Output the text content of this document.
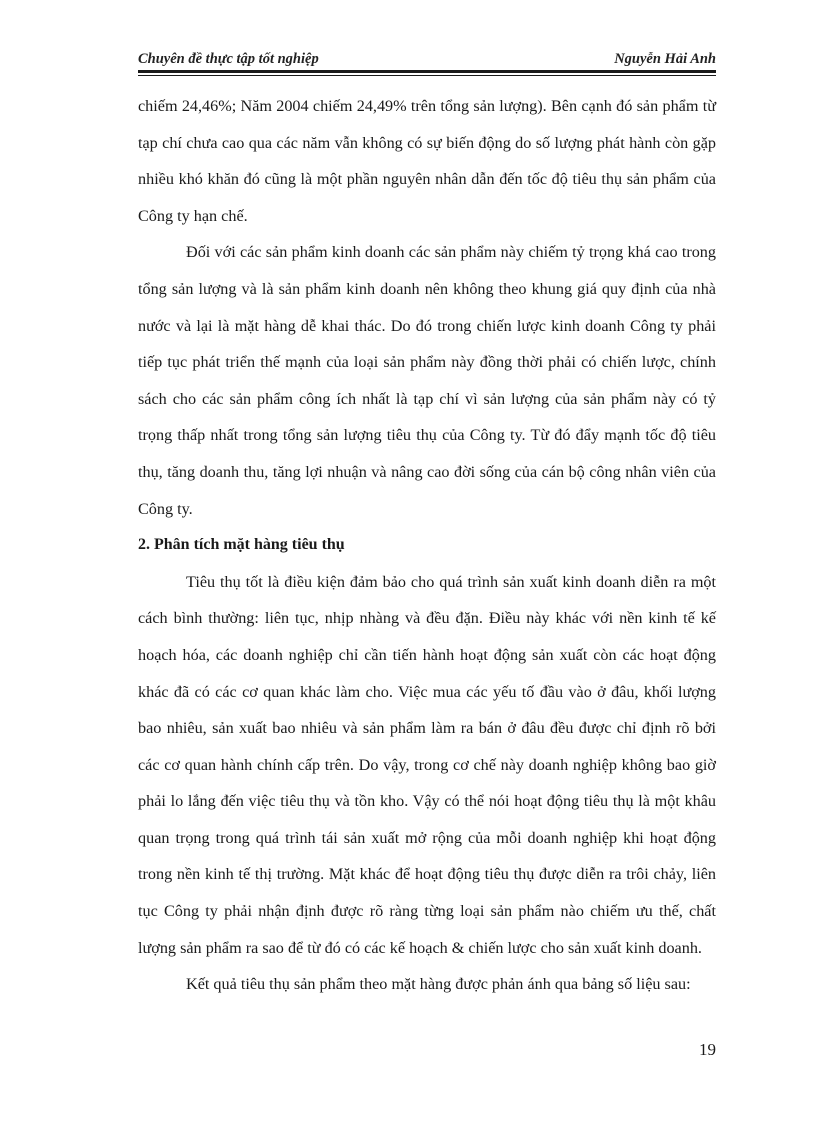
Chuyên đề thực tập tốt nghiệp	Nguyễn Hải Anh

chiếm 24,46%; Năm 2004 chiếm 24,49% trên tổng sản lượng). Bên cạnh đó sản phẩm từ tạp chí chưa cao qua các năm vẫn không có sự biến động do số lượng phát hành còn gặp nhiều khó khăn đó cũng là một phần nguyên nhân dẫn đến tốc độ tiêu thụ sản phẩm của Công ty hạn chế.

Đối với các sản phẩm kinh doanh các sản phẩm này chiếm tỷ trọng khá cao trong tổng sản lượng và là sản phẩm kinh doanh nên không theo khung giá quy định của nhà nước và lại là mặt hàng dễ khai thác. Do đó trong chiến lược kinh doanh Công ty phải tiếp tục phát triển thế mạnh của loại sản phẩm này đồng thời phải có chiến lược, chính sách cho các sản phẩm công ích nhất là tạp chí vì sản lượng của sản phẩm này có tỷ trọng thấp nhất trong tổng sản lượng tiêu thụ của Công ty. Từ đó đẩy mạnh tốc độ tiêu thụ, tăng doanh thu, tăng lợi nhuận và nâng cao đời sống của cán bộ công nhân viên của Công ty.

2. Phân tích mặt hàng tiêu thụ

Tiêu thụ tốt là điều kiện đảm bảo cho quá trình sản xuất kinh doanh diễn ra một cách bình thường: liên tục, nhịp nhàng và đều đặn. Điều này khác với nền kinh tế kế hoạch hóa, các doanh nghiệp chỉ cần tiến hành hoạt động sản xuất còn các hoạt động khác đã có các cơ quan khác làm cho. Việc mua các yếu tố đầu vào ở đâu, khối lượng bao nhiêu, sản xuất bao nhiêu và sản phẩm làm ra bán ở đâu đều được chỉ định rõ bởi các cơ quan hành chính cấp trên. Do vậy, trong cơ chế này doanh nghiệp không bao giờ phải lo lắng đến việc tiêu thụ và tồn kho. Vậy có thể nói hoạt động tiêu thụ là một khâu quan trọng trong quá trình tái sản xuất mở rộng của mỗi doanh nghiệp khi hoạt động trong nền kinh tế thị trường. Mặt khác để hoạt động tiêu thụ được diễn ra trôi chảy, liên tục Công ty phải nhận định được rõ ràng từng loại sản phẩm nào chiếm ưu thế, chất lượng sản phẩm ra sao để từ đó có các kế hoạch & chiến lược cho sản xuất kinh doanh.

Kết quả tiêu thụ sản phẩm theo mặt hàng được phản ánh qua bảng số liệu sau:

19
